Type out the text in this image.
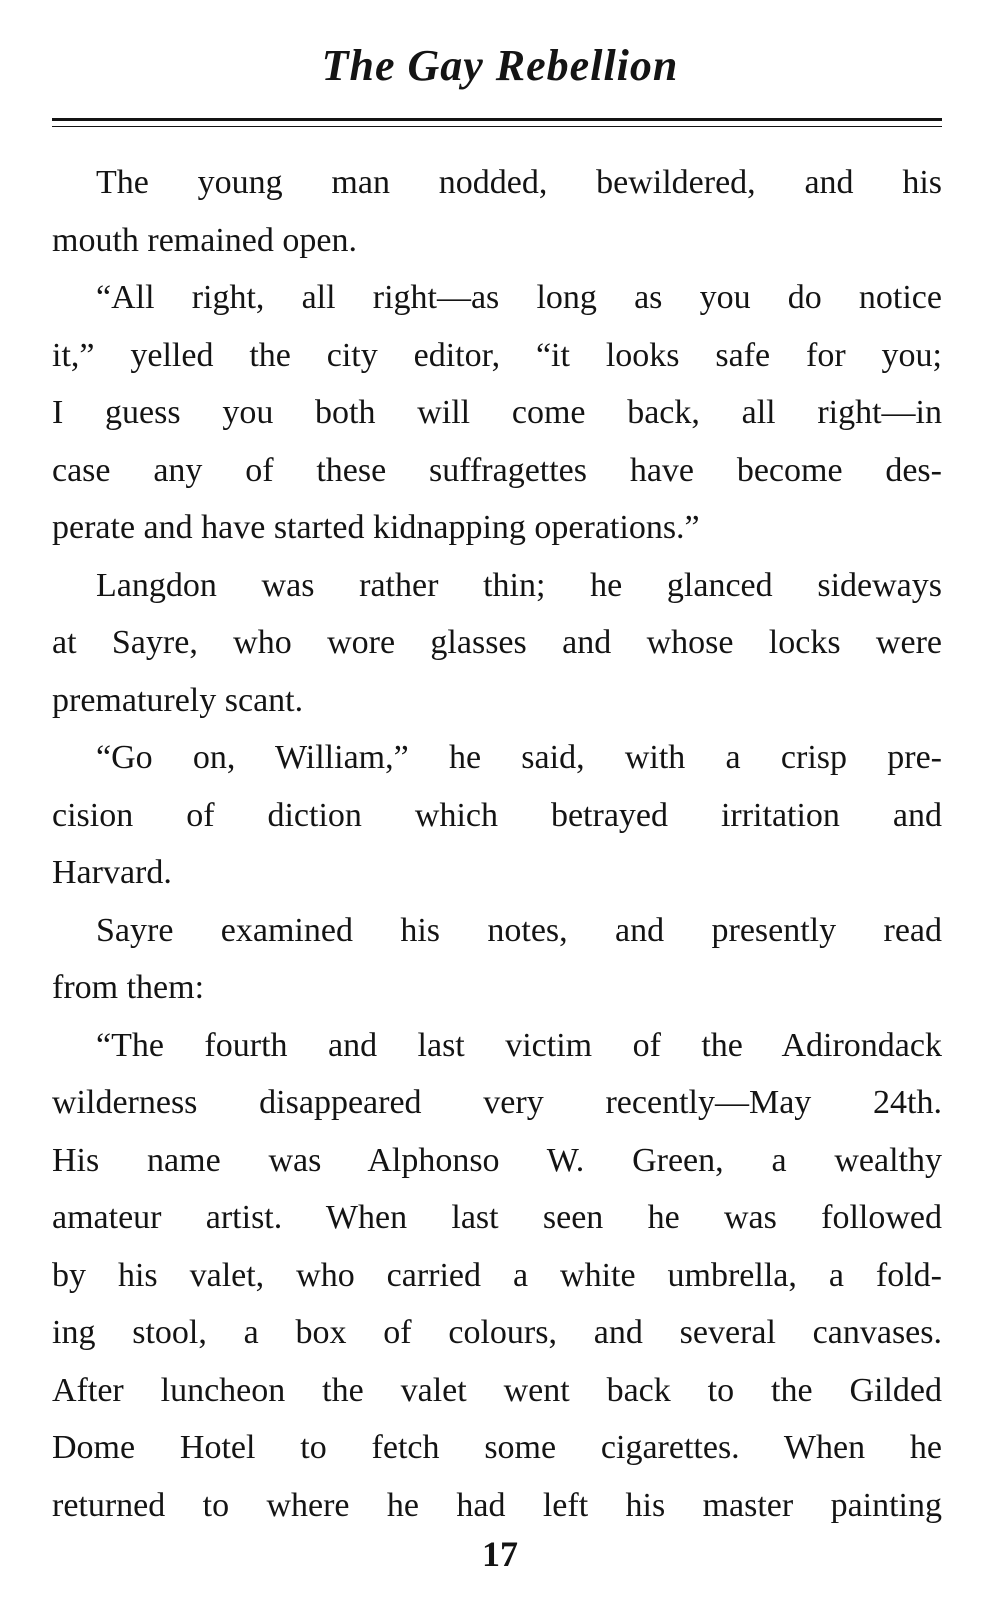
The Gay Rebellion
The young man nodded, bewildered, and his
mouth remained open.
“All right, all right—as long as you do notice
it,” yelled the city editor, “it looks safe for you;
I guess you both will come back, all right—in
case any of these suffragettes have become des-
perate and have started kidnapping operations.”
Langdon was rather thin; he glanced sideways
at Sayre, who wore glasses and whose locks were
prematurely scant.
“Go on, William,” he said, with a crisp pre-
cision of diction which betrayed irritation and
Harvard.
Sayre examined his notes, and presently read
from them:
“The fourth and last victim of the Adirondack
wilderness disappeared very recently—May 24th.
His name was Alphonso W. Green, a wealthy
amateur artist. When last seen he was followed
by his valet, who carried a white umbrella, a fold-
ing stool, a box of colours, and several canvases.
After luncheon the valet went back to the Gilded
Dome Hotel to fetch some cigarettes. When he
returned to where he had left his master painting
17
